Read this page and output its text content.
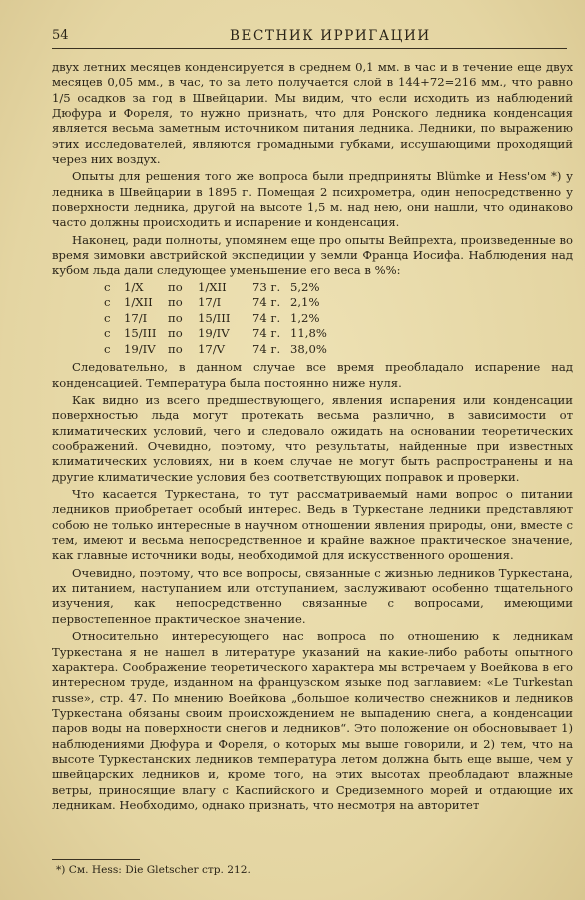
54	ВЕСТНИК ИРРИГАЦИИ

двух летних месяцев конденсируется в среднем 0,1 мм. в час и в течение еще двух месяцев 0,05 мм., в час, то за лето получается слой в 144+72=216 мм., что равно 1/5 осадков за год в Швейцарии. Мы видим, что если исходить из наблюдений Дюфура и Фореля, то нужно признать, что для Ронского ледника конденсация является весьма заметным источником питания ледника. Ледники, по выражению этих исследователей, являются громадными губками, иссушающими проходящий через них воздух.

Опыты для решения того же вопроса были предприняты Blümke и Hess'ом *) у ледника в Швейцарии в 1895 г. Помещая 2 психрометра, один непосредственно у поверхности ледника, другой на высоте 1,5 м. над нею, они нашли, что одинаково часто должны происходить и испарение и конденсация.

Наконец, ради полноты, упомянем еще про опыты Вейпрехта, произведенные во время зимовки австрийской экспедиции у земли Франца Иосифа. Наблюдения над кубом льда дали следующее уменьшение его веса в %%:

с	1/X	по	1/XII	73 г.	5,2%
с	1/XII	по	17/I	74 г.	2,1%
с	17/I	по	15/III	74 г.	1,2%
с	15/III	по	19/IV	74 г.	11,8%
с	19/IV	по	17/V	74 г.	38,0%

Следовательно, в данном случае все время преобладало испарение над конденсацией. Температура была постоянно ниже нуля.

Как видно из всего предшествующего, явления испарения или конденсации поверхностью льда могут протекать весьма различно, в зависимости от климатических условий, чего и следовало ожидать на основании теоретических соображений. Очевидно, поэтому, что результаты, найденные при известных климатических условиях, ни в коем случае не могут быть распространены и на другие климатические условия без соответствующих поправок и проверки.

Что касается Туркестана, то тут рассматриваемый нами вопрос о питании ледников приобретает особый интерес. Ведь в Туркестане ледники представляют собою не только интересные в научном отношении явления природы, они, вместе с тем, имеют и весьма непосредственное и крайне важное практическое значение, как главные источники воды, необходимой для искусственного орошения.

Очевидно, поэтому, что все вопросы, связанные с жизнью ледников Туркестана, их питанием, наступанием или отступанием, заслуживают особенно тщательного изучения, как непосредственно связанные с вопросами, имеющими первостепенное практическое значение.

Относительно интересующего нас вопроса по отношению к ледникам Туркестана я не нашел в литературе указаний на какие-либо работы опытного характера. Соображение теоретического характера мы встречаем у Воейкова в его интересном труде, изданном на французском языке под заглавием: «Le Turkestan russe», стр. 47. По мнению Воейкова „большое количество снежников и ледников Туркестана обязаны своим происхождением не выпадению снега, а конденсации паров воды на поверхности снегов и ледников“. Это положение он обосновывает 1) наблюдениями Дюфура и Фореля, о которых мы выше говорили, и 2) тем, что на высоте Туркестанских ледников температура летом должна быть еще выше, чем у швейцарских ледников и, кроме того, на этих высотах преобладают влажные ветры, приносящие влагу с Каспийского и Средиземного морей и отдающие их ледникам. Необходимо, однако признать, что несмотря на авторитет

*) См. Hess: Die Gletscher стр. 212.
